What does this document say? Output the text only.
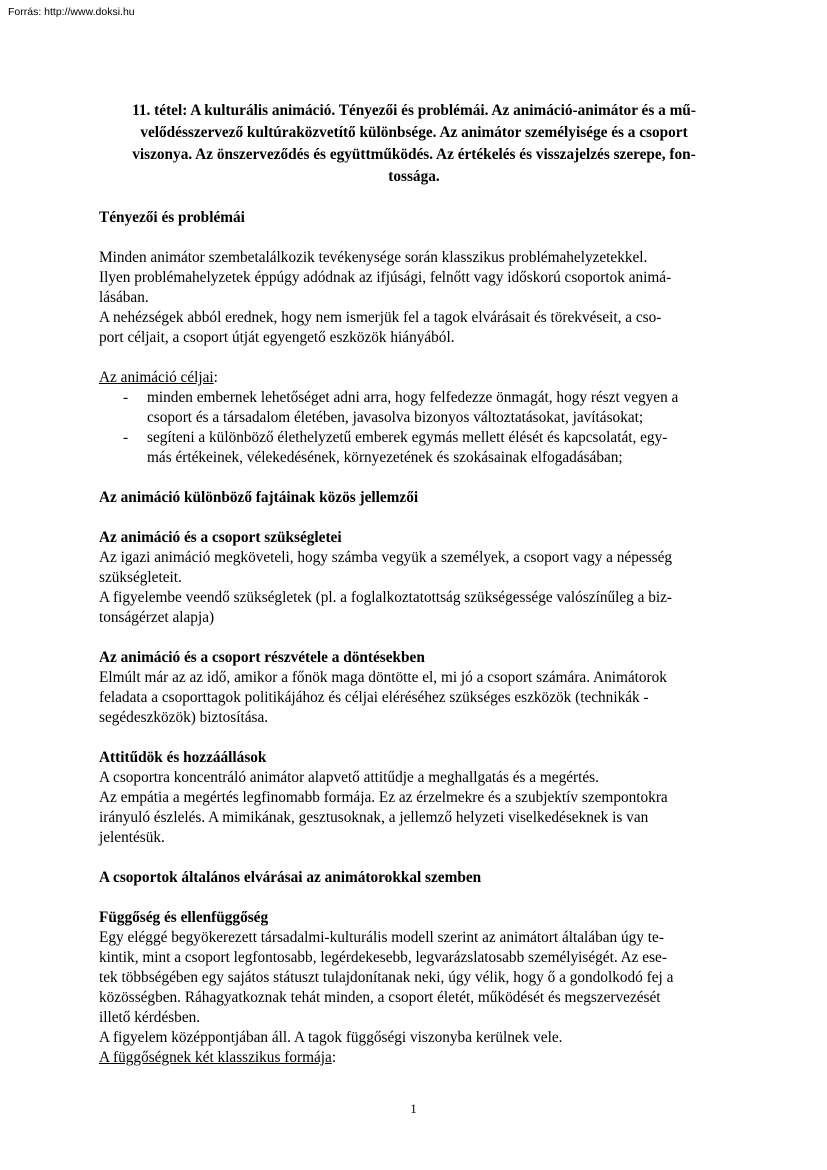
Forrás: http://www.doksi.hu

11. tétel: A kulturális animáció. Tényezői és problémái. Az animáció-animátor és a mű-
velődésszervező kultúraközvetítő különbsége. Az animátor személyisége és a csoport
viszonya. Az önszerveződés és együttműködés. Az értékelés és visszajelzés szerepe, fon-
tossága.

Tényezői és problémái

Minden animátor szembetalálkozik tevékenysége során klasszikus problémahelyzetekkel.
Ilyen problémahelyzetek éppúgy adódnak az ifjúsági, felnőtt vagy időskorú csoportok animá-
lásában.
A nehézségek abból erednek, hogy nem ismerjük fel a tagok elvárásait és törekvéseit, a cso-
port céljait, a csoport útját egyengető eszközök hiányából.

Az animáció céljai:

- minden embernek lehetőséget adni arra, hogy felfedezze önmagát, hogy részt vegyen a
csoport és a társadalom életében, javasolva bizonyos változtatásokat, javításokat;
- segíteni a különböző élethelyzetű emberek egymás mellett élését és kapcsolatát, egy-
más értékeinek, vélekedésének, környezetének és szokásainak elfogadásában;
Az animáció különböző fajtáinak közös jellemzői
Az animáció és a csoport szükségletei

Az igazi animáció megköveteli, hogy számba vegyük a személyek, a csoport vagy a népesség
szükségleteit.
A figyelembe veendő szükségletek (pl. a foglalkoztatottság szükségessége valószínűleg a biz-
tonságérzet alapja)

Az animáció és a csoport részvétele a döntésekben

Elmúlt már az az idő, amikor a főnök maga döntötte el, mi jó a csoport számára. Animátorok
feladata a csoporttagok politikájához és céljai eléréséhez szükséges eszközök (technikák -
segédeszközök) biztosítása.

Attitűdök és hozzáállások

A csoportra koncentráló animátor alapvető attitűdje a meghallgatás és a megértés.
Az empátia a megértés legfinomabb formája. Ez az érzelmekre és a szubjektív szempontokra
irányuló észlelés. A mimikának, gesztusoknak, a jellemző helyzeti viselkedéseknek is van
jelentésük.

A csoportok általános elvárásai az animátorokkal szemben
Függőség és ellenfüggőség

Egy eléggé begyökerezett társadalmi-kulturális modell szerint az animátort általában úgy te-
kintik, mint a csoport legfontosabb, legérdekesebb, legvarázslatosabb személyiségét. Az ese-
tek többségében egy sajátos státuszt tulajdonítanak neki, úgy vélik, hogy ő a gondolkodó fej a
közösségben. Ráhagyatkoznak tehát minden, a csoport életét, működését és megszervezését
illető kérdésben.
A figyelem középpontjában áll. A tagok függőségi viszonyba kerülnek vele.

A függőségnek két klasszikus formája:

1
